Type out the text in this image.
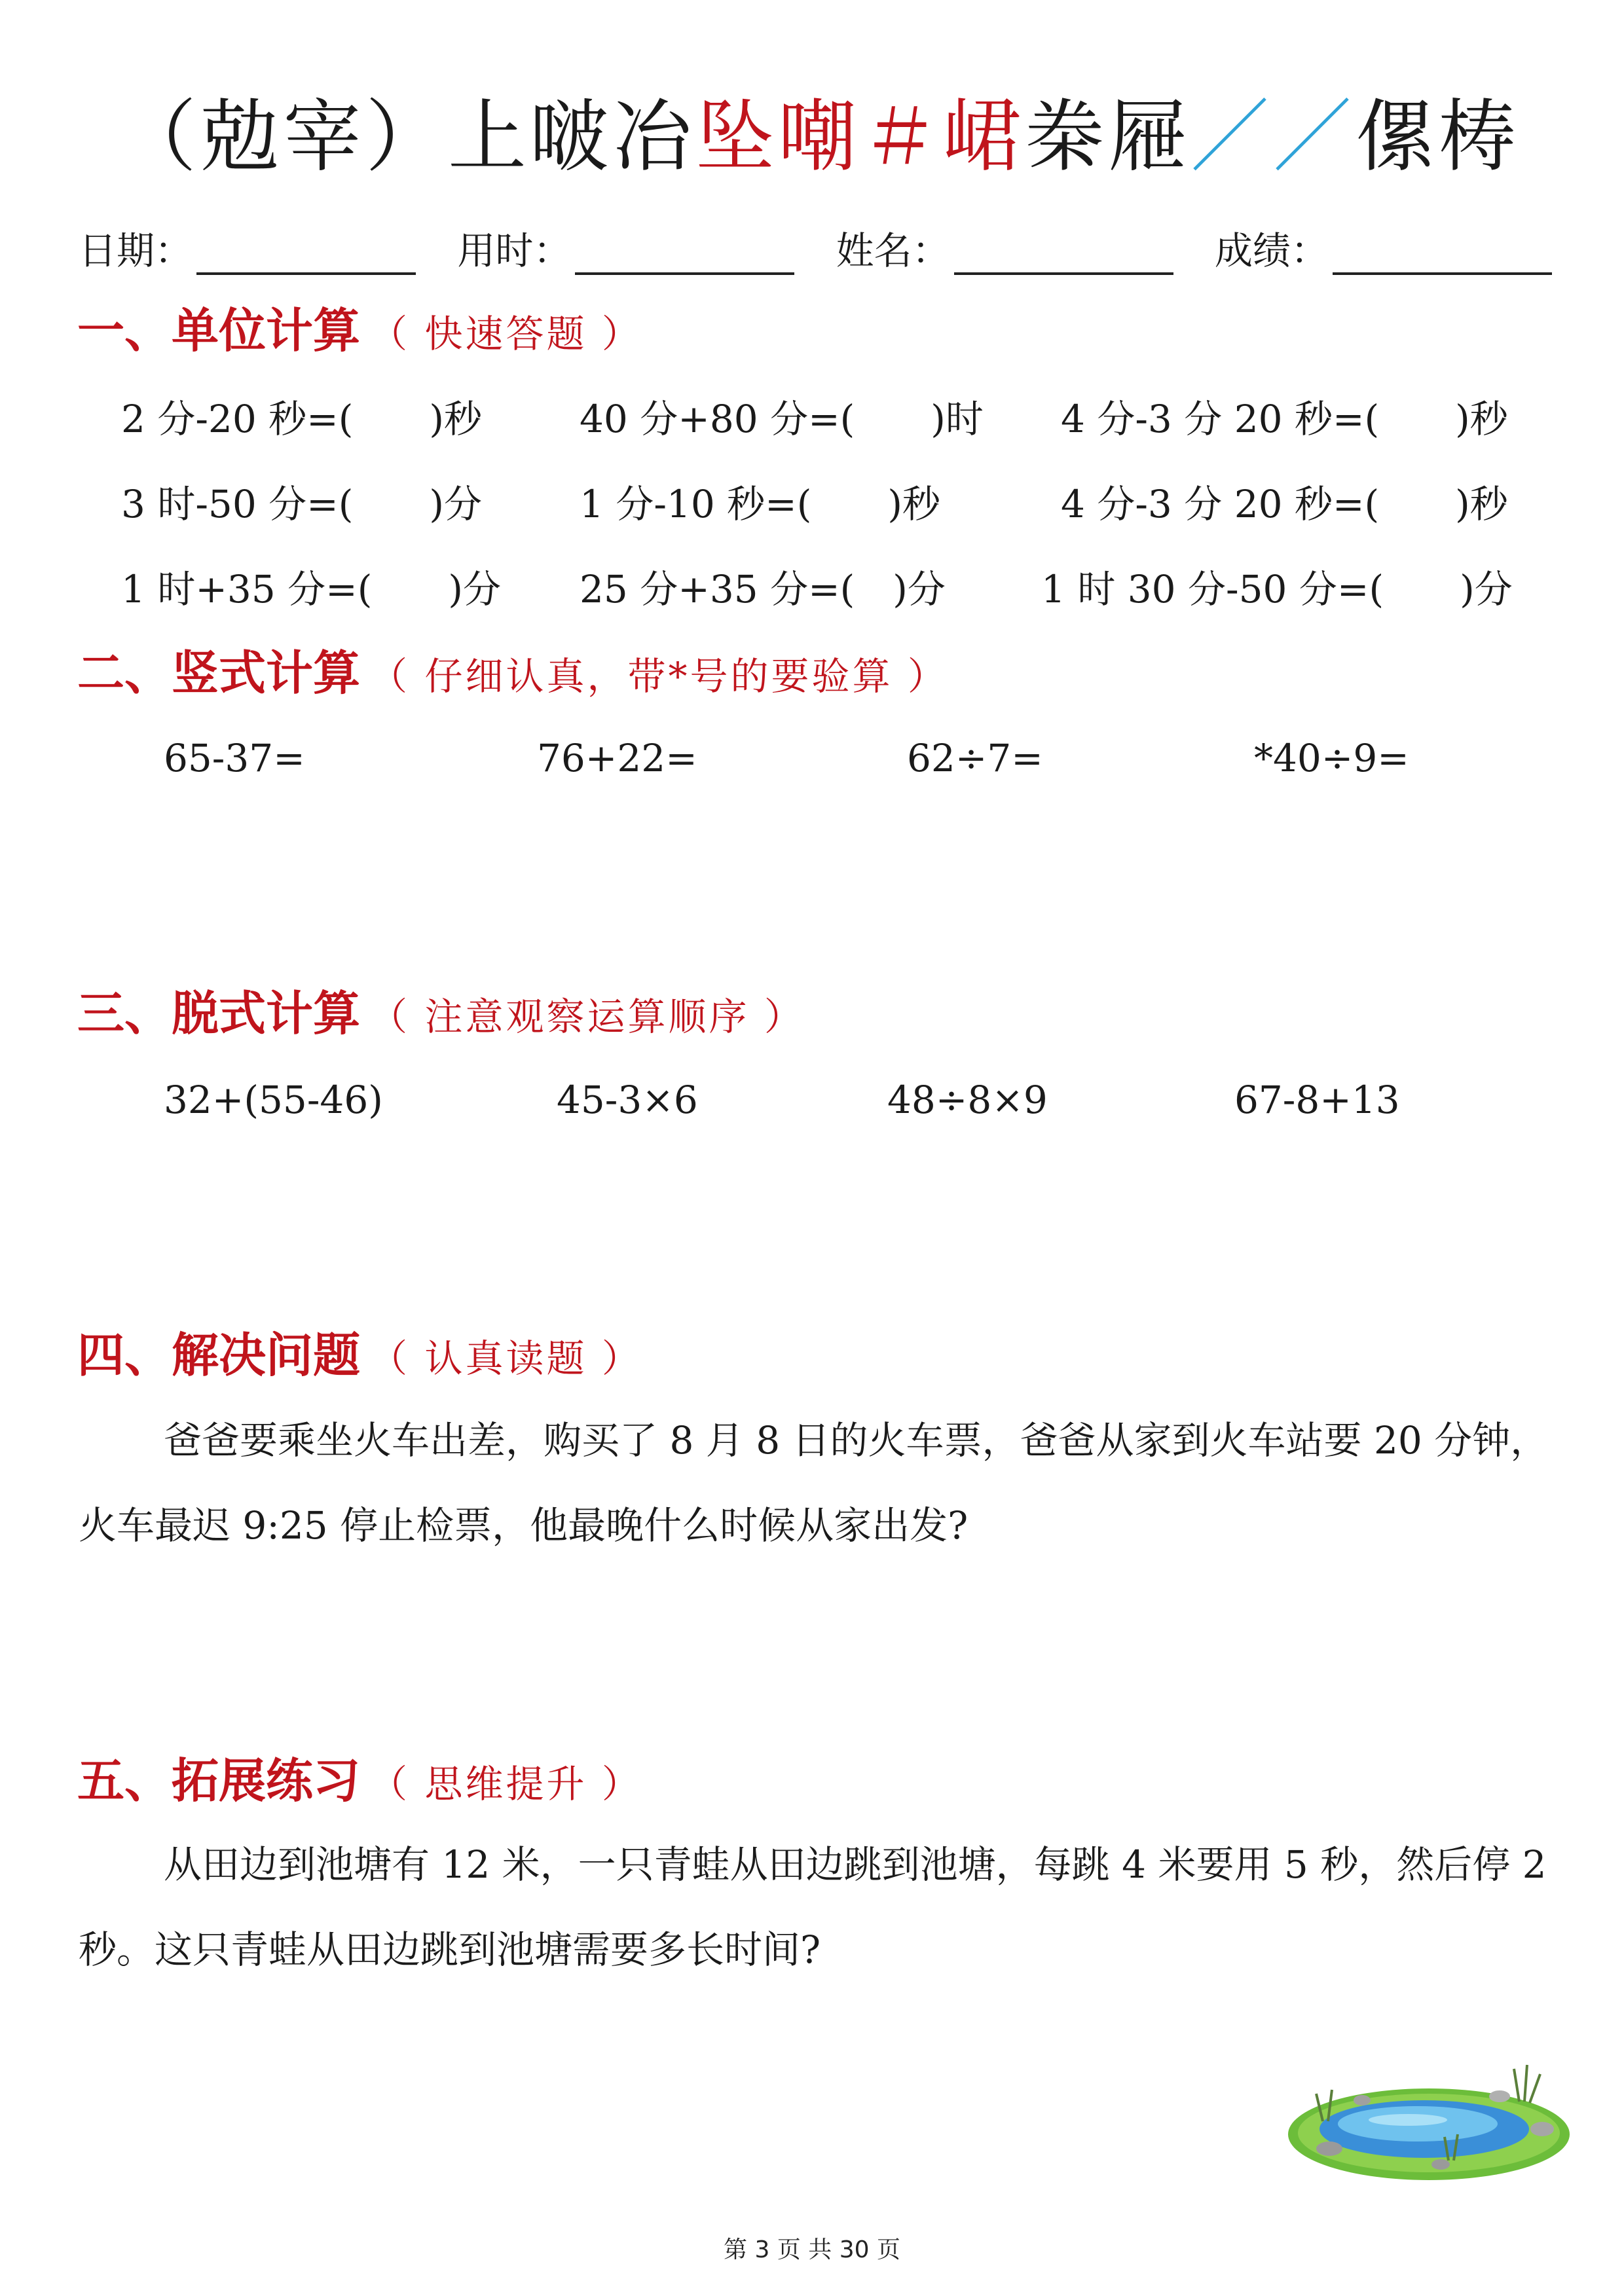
（勊宰）上啵冶坠嘲＃峮桊屜／／傫梼
日期：	用时：	姓名：	成绩：
一、单位计算 （ 快速答题 ）
2 分-20 秒=(　　)秒	40 分+80 分=(　　)时 4 分-3 分 20 秒=(　　)秒
3 时-50 分=(　　)分	1 分-10 秒=(　　)秒	4 分-3 分 20 秒=(　　)秒
1 时+35 分=(　　)分 25 分+35 分=(　)分	1 时 30 分-50 分=(　　)分
二、竖式计算 （ 仔细认真，带*号的要验算 ）
65-37=	76+22=	62÷7=	*40÷9=
三、脱式计算 （ 注意观察运算顺序 ）
32+(55-46)	45-3×6	48÷8×9	67-8+13
四、解决问题 （ 认真读题 ）

爸爸要乘坐火车出差，购买了 8 月 8 日的火车票，爸爸从家到火车站要 20 分钟，火车最迟 9:25 停止检票，他最晚什么时候从家出发?

五、拓展练习 （ 思维提升 ）

从田边到池塘有 12 米，一只青蛙从田边跳到池塘，每跳 4 米要用 5 秒，然后停 2 秒。这只青蛙从田边跳到池塘需要多长时间?

第 3 页 共 30 页
